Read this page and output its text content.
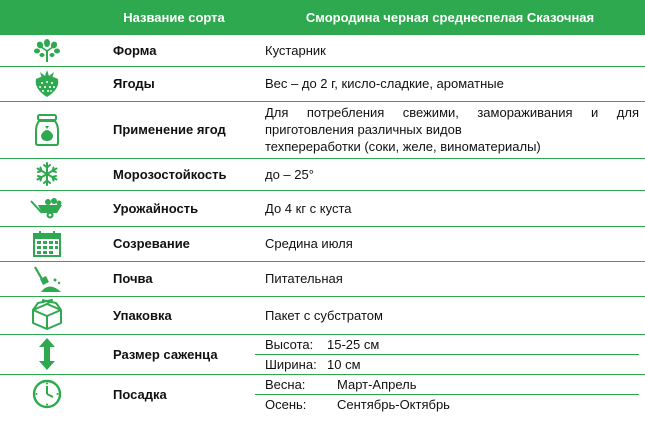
	Название сорта	Смородина черная среднеспелая Сказочная

	Форма	Кустарник

	Ягоды	Вес – до 2 г, кисло-сладкие, ароматные

	Применение ягод	Для потребления свежими, замораживания и для
приготовления различных видов
техпереработки (соки, желе, виноматериалы)

	Морозостойкость	до – 25°

	Урожайность	До 4 кг с куста

	Созревание	Средина июля

	Почва	Питательная

	Упаковка	Пакет с субстратом

	Размер саженца	Высота: 15-25 см
Ширина: 10 см

	Посадка	Весна: Март-Апрель
Осень: Сентябрь-Октябрь
